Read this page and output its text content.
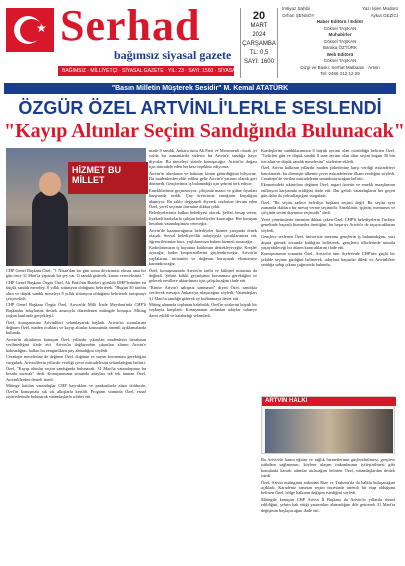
★ Serhad
bağımsız siyasal gazete
BAĞIMSIZ · MİLLİYETÇİ · SİYASAL GAZETE · YIL: 23 · SAYI: 1560 · SİYASAL · SİYASİ
20
MART
2024
ÇARŞAMBA
TL: 0,5
SAYI: 1600
İmtiyaz Sahibi	Yazı İşleri Müdürü
Orhan ŞENSOY	Aykut GEZİCİ
Haber Editörü / Editör
Göksel TAŞKAN
Muhabirler
Göksel TAŞKAN
Baraka ÖZTÜRK
Web Editörü
Göksel TAŞKAN
Dizgi ve Baskı: Serhat Matbaası · Artvin
Tel: 0466 212 12 29
"Basın Milletin Müşterek Sesidir" M. Kemal ATATÜRK
ÖZGÜR ÖZEL ARTVİNLİ'LERLE SESLENDİ
"Kayıp Altınlar Seçim Sandığında Bulunacak"
HİZMET BU MİLLET

CHP Genel Başkanı Özel: "1 Nisan'dan bir gün sonra dövizimizi olmaz ama bir gün önce 31 Mart'ta yapacak bir şey var. O sandık gidecek, kararı vereceksiniz."

CHP Genel Başkanı Özgür Özel, Ak Parti'nin Rizeleri görüldü DHP'lerinden en küçük sandık meseleyi 8 yıllık sitüasyon olduğunu belirterek, "Bugün 30 tarihin altın ve düşük sandık meseleyi 8 yıllık sitüasyon olduğunu belirterek tartışmayı çerçeveledi.

CHP Genel Başkanı Özgür Özel, Artvin'de Milli İrade Meydanı'nda CHP'li Başkanlar adaylarına destek amacıyla düzenlenen mitingde konuştu. Miting yoğun katılımla gerçekleşti.

Özel, konuşmasına Artvinlileri selamlayarak başladı. Artvin'in sorunlarına değinen Özel, maden ocakları ve kayıp altınlar konusunda önemli açıklamalarda bulundu.

Artvin'in altınlarını konuşan Özel, yıllardır çıkarılan madenlerin hesabının verilmediğini ifade etti. Artvin'in dağlarından çıkarılan altının Artvin'e kalmadığını, halkın bu zenginlikten pay almadığını söyledi.

Cerattepe meselesine de değinen Özel, doğanın ve suyun korunması gerektiğini vurguladı. Artvinlilerin yıllardır verdiği çevre mücadelesini selamladığını belirtti.

Özel, "Kayıp altınlar seçim sandığında bulunacak. 31 Mart'ta vatandaşımız bu hesabı soracak" dedi. Konuşmasının sonunda adayları tek tek tanıtan Özel, Artvinlilerden destek istedi.

Mitinge katılan vatandaşlar CHP bayrakları ve pankartlarla alanı doldurdu. Özel'in konuşması sık sık alkışlarla kesildi. Program sonunda Özel, esnaf ziyaretlerinde bulunarak vatandaşlarla sohbet etti.

nizde 8 sandık, Ankara tuttu Ak Parti ve Menemenli olarak iyi yolda bu zamanlarda sizlerin bu Artvin'e sandığa hayır diyorlar. Bu meseleyi sizinle konuşacağız. Artvin'in doğası için mücadele eden herkese teşekkür ediyoruz.

Artvin'in altınlarını ve bakırını kimin götürdüğünü biliyoruz. Bu madenlerden elde edilen gelir Artvin'e yatırım olarak geri dönmedi. Gençlerimiz iş bulamadığı için şehrini terk ediyor.

Emeklilerimiz geçinemiyor, çiftçimiz mazot ve gübre fiyatları karşısında ezildi. Çay üreticimiz emeğinin karşılığını alamıyor. Bu tablo değişmeli diyerek sözlerine devam eden Özel, yerel seçimin önemine dikkat çekti.

Belediyelerimiz halkın belediyesi olacak. Şeffaf, hesap veren, liyakatli kadrolarla çalışan belediyeler kuracağız. Her kuruşun hesabını vatandaşımıza vereceğiz.

Artvin'de kazanacağımız belediyeler hizmet yarışında örnek olacak. Sosyal belediyecilik anlayışıyla çocuklarımıza süt, öğrencilerimize burs, yaşlılarımıza bakım hizmeti sunacağız.

Kadınlarımızın iş hayatına katılımını destekleyeceğiz. Kreşler açacağız, kadın kooperatiflerini güçlendireceğiz. Artvin'in yaylalarını, turizmini ve doğasını koruyarak ekonomiye kazandıracağız.

Özel, konuşmasında Artvin'in tarihi ve kültürel mirasına da değindi. Şehrin köklü geçmişinin korunması gerektiğini ve gelecek nesillere aktarılması için çalışılacağını ifade etti.

"Kimse Artvin'i sahipsiz sanmasın" diyen Özel, sandıkta verilecek mesajın Ankara'ya ulaşacağını söyledi. Vatandaşları 31 Mart'ta sandığa giderek oy kullanmaya davet etti.

Miting alanında toplanan kalabalık, Özel'in sözlerini büyük bir coşkuyla karşıladı. Konuşmanın ardından adaylar sahneye davet edildi ve kalabalığı selamladı.

Kardeşlerim sandıklarımızın 8 büyük ayrıntı olan cözüldüğü belirten Özel, "Gelirleri gün ve düşük sandık 8 tane ayrıntı olan altın seçim bugün 30 bin ton altın ve düşük sandık meselesini" sözlerine ekledi.

Özel, Artvin halkının yıllardır maden şirketlerine karşı verdiği mücadeleyi hatırlatarak, bu direnişin ülkenin çevre mücadelesine ilham verdiğini söyledi. Cerattepe'de verilen mücadelenin unutulmayacağını belirtti.

Ekonomideki sıkıntılara değinen Özel, asgari ücretin ve emekli maaşlarının enflasyon karşısında eridiğini ifade etti. Dar gelirli vatandaşların her geçen gün daha da yoksullaştığını vurguladı.

Özel, "Bu seçim sadece belediye başkanı seçimi değil. Bu seçim aynı zamanda iktidara bir mesaj verme seçimidir. Emeklinin, işçinin, memurun ve çiftçinin sesini duyurma seçimidir" dedi.

Yerel yönetimlerin önemine dikkat çeken Özel, CHP'li belediyelerin Türkiye genelinde başarılı hizmetler ürettiğini, bu başarıyı Artvin'e de taşıyacaklarını söyledi.

Gençlere seslenen Özel, üniversite mezunu gençlerin iş bulamadığını, yurt dışına gitmek zorunda kaldığını belirterek, gençlerin ülkelerinde umutla yaşayabileceği bir düzen kuracaklarını ifade etti.

Konuşmasının sonunda Özel, Artvin'in tüm ilçelerinde CHP'nin güçlü bir şekilde seçime girdiğini belirterek, adaylara başarılar diledi ve Artvinlilere sandığa sahip çıkma çağrısında bulundu.

ARTVİN HALKI

Bu Artvin'de kamu eğitim ve sağlık hizmetlerinin güçlendirilmesi, gençlere istihdam sağlanması, köylere ulaşım imkanlarının iyileştirilmesi gibi konularda kararlı adımlar atılacağını belirten Özel, vatandaşlardan destek istedi.

Özel, Artvin mitinginin ardından Rize ve Trabzon'da da halkla buluşacağını açıkladı. Karadeniz turunun seçim öncesinde önemli bir etap olduğunu belirten Özel, bölge halkının değişim istediğini söyledi.

Mitingde konuşan CHP Artvin İl Başkanı da Artvin'in yıllardır ihmal edildiğini, şehrin hak ettiği yatırımları alamadığını dile getirerek 31 Mart'ta değişimin başlayacağını ifade etti.
